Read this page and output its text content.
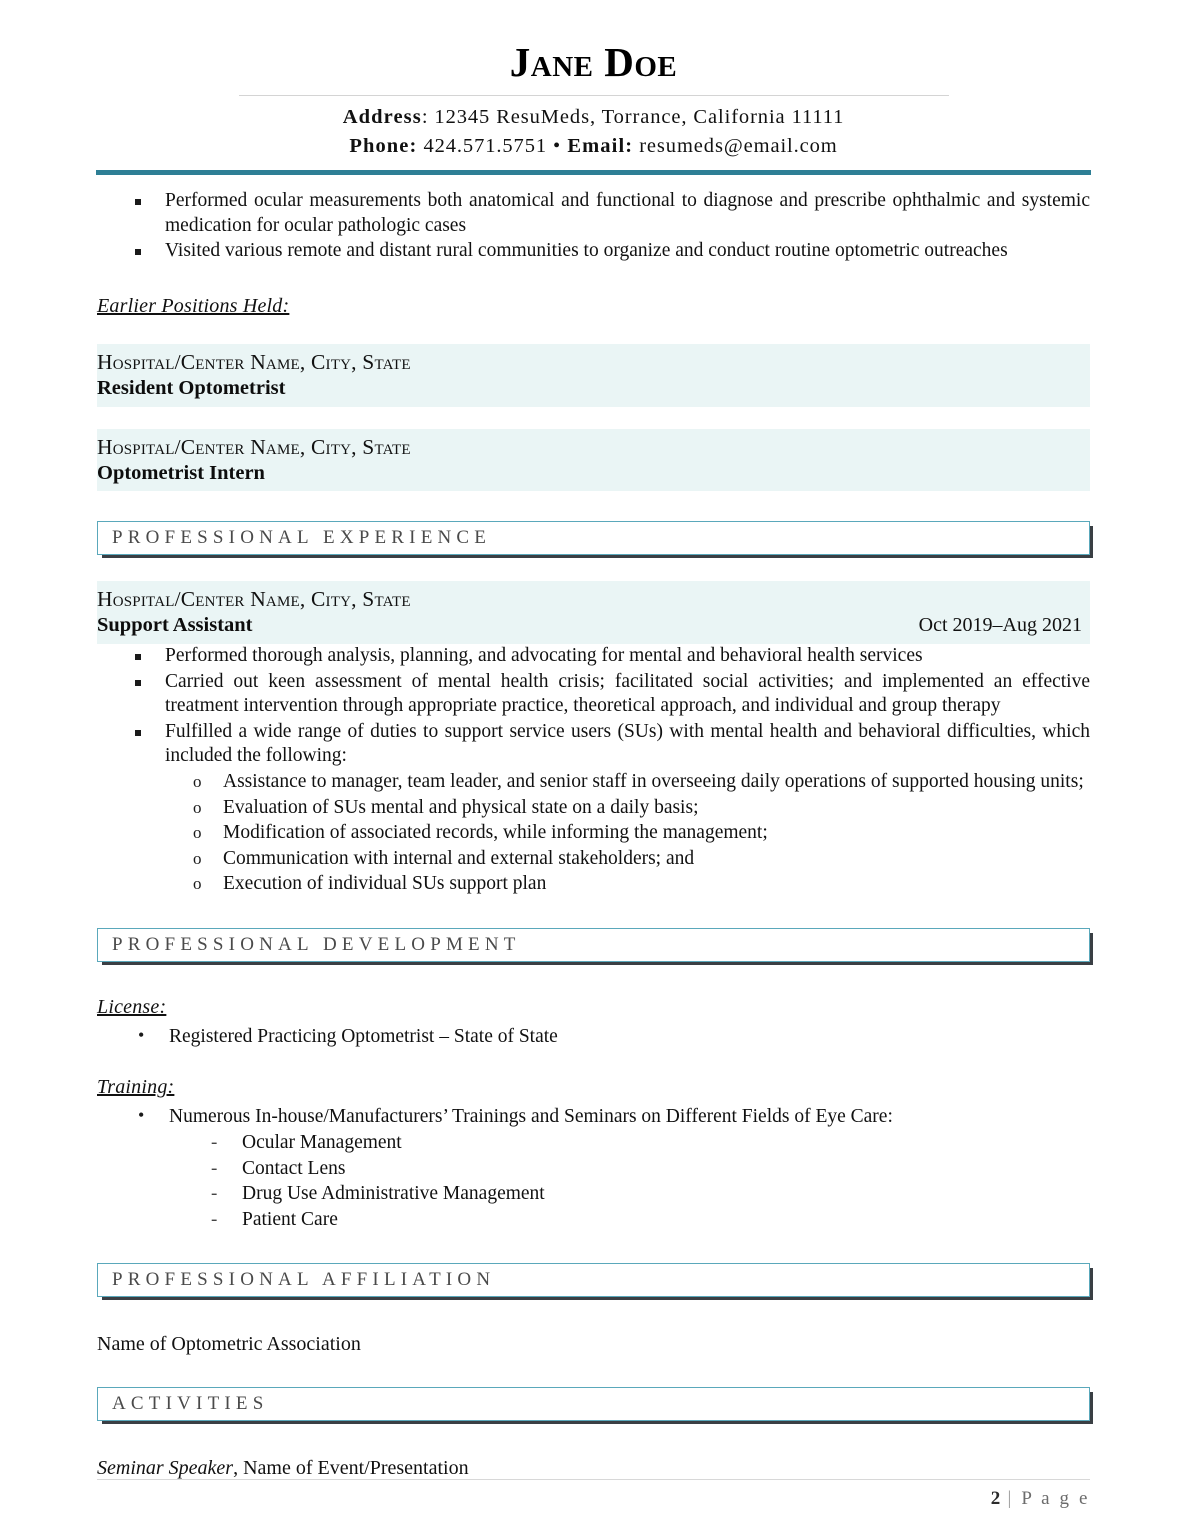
Jane Doe
Address: 12345 ResuMeds, Torrance, California 11111
Phone: 424.571.5751 • Email: resumeds@email.com
Performed ocular measurements both anatomical and functional to diagnose and prescribe ophthalmic and systemic medication for ocular pathologic cases
Visited various remote and distant rural communities to organize and conduct routine optometric outreaches
Earlier Positions Held:
Hospital/Center Name, City, State
Resident Optometrist
Hospital/Center Name, City, State
Optometrist Intern
PROFESSIONAL EXPERIENCE
Hospital/Center Name, City, State
Support Assistant	Oct 2019–Aug 2021
Performed thorough analysis, planning, and advocating for mental and behavioral health services
Carried out keen assessment of mental health crisis; facilitated social activities; and implemented an effective treatment intervention through appropriate practice, theoretical approach, and individual and group therapy
Fulfilled a wide range of duties to support service users (SUs) with mental health and behavioral difficulties, which included the following:
o Assistance to manager, team leader, and senior staff in overseeing daily operations of supported housing units;
o Evaluation of SUs mental and physical state on a daily basis;
o Modification of associated records, while informing the management;
o Communication with internal and external stakeholders; and
o Execution of individual SUs support plan
PROFESSIONAL DEVELOPMENT
License:
• Registered Practicing Optometrist – State of State
Training:
• Numerous In-house/Manufacturers’ Trainings and Seminars on Different Fields of Eye Care:
- Ocular Management
- Contact Lens
- Drug Use Administrative Management
- Patient Care
PROFESSIONAL AFFILIATION
Name of Optometric Association
ACTIVITIES
Seminar Speaker, Name of Event/Presentation
2 | P a g e
